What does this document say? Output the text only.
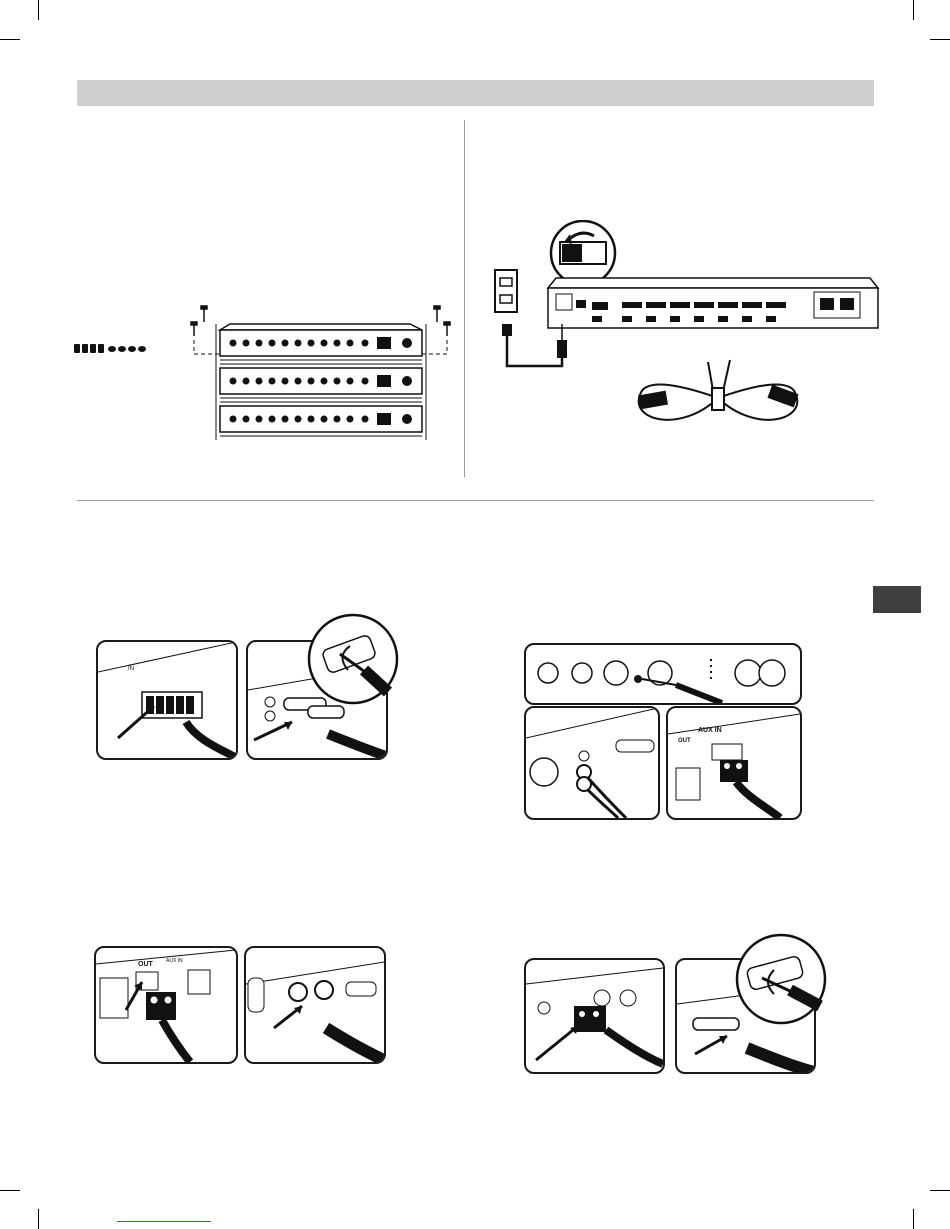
IN
AUX IN
OUT
OUT	AUX IN
